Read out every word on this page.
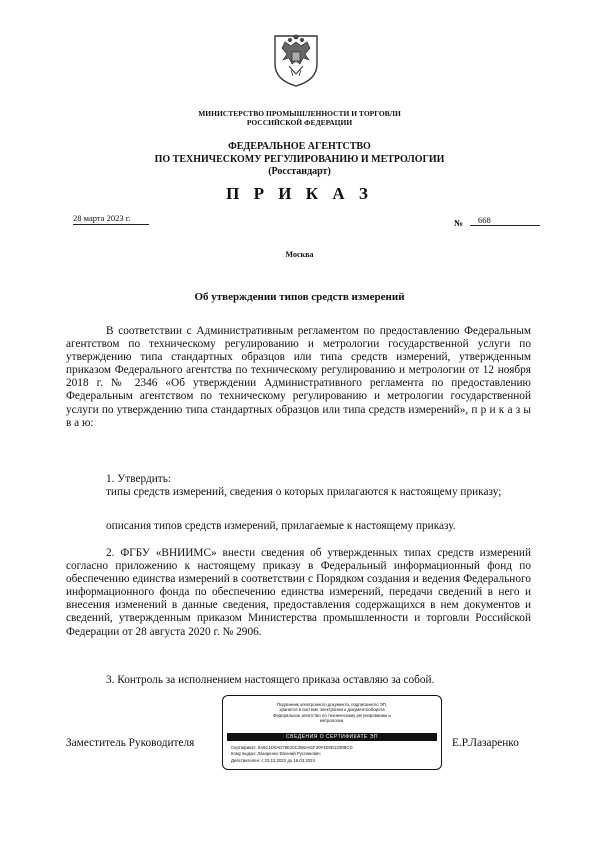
МИНИСТЕРСТВО ПРОМЫШЛЕННОСТИ И ТОРГОВЛИ
РОССИЙСКОЙ ФЕДЕРАЦИИ
ФЕДЕРАЛЬНОЕ АГЕНТСТВО
ПО ТЕХНИЧЕСКОМУ РЕГУЛИРОВАНИЮ И МЕТРОЛОГИИ
(Росстандарт)
П Р И К А З
28 марта 2023 г.	№	668
Москва
Об утверждении типов средств измерений
В соответствии с Административным регламентом по предоставлению Федеральным агентством по техническому регулированию и метрологии государственной услуги по утверждению типа стандартных образцов или типа средств измерений, утвержденным приказом Федерального агентства по техническому регулированию и метрологии от 12 ноября 2018 г. № 2346 «Об утверждении Административного регламента по предоставлению Федеральным агентством по техническому регулированию и метрологии государственной услуги по утверждению типа стандартных образцов или типа средств измерений», п р и к а з ы в а ю:
1. Утвердить:
типы средств измерений, сведения о которых прилагаются к настоящему приказу;
описания типов средств измерений, прилагаемые к настоящему приказу.
2. ФГБУ «ВНИИМС» внести сведения об утвержденных типах средств измерений согласно приложению к настоящему приказу в Федеральный информационный фонд по обеспечению единства измерений в соответствии с Порядком создания и ведения Федерального информационного фонда по обеспечению единства измерений, передачи сведений в него и внесения изменений в данные сведения, предоставления содержащихся в нем документов и сведений, утвержденным приказом Министерства промышленности и торговли Российской Федерации от 28 августа 2020 г. № 2906.
3. Контроль за исполнением настоящего приказа оставляю за собой.
Заместитель Руководителя
Подлинник электронного документа, подписанного ЭП,
хранится в системе электронного документооборота
Федеральное агентство по техническому регулированию и
метрологии.
СВЕДЕНИЯ О СЕРТИФИКАТЕ ЭП
Сертификат: 0A6C1D0AD76E20C2B6A81F20F4E8D1330BCD
Кому выдан: Лазаренко Евгений Русланович
Действителен: с 23.12.2022 до 16.03.2024
Е.Р.Лазаренко
